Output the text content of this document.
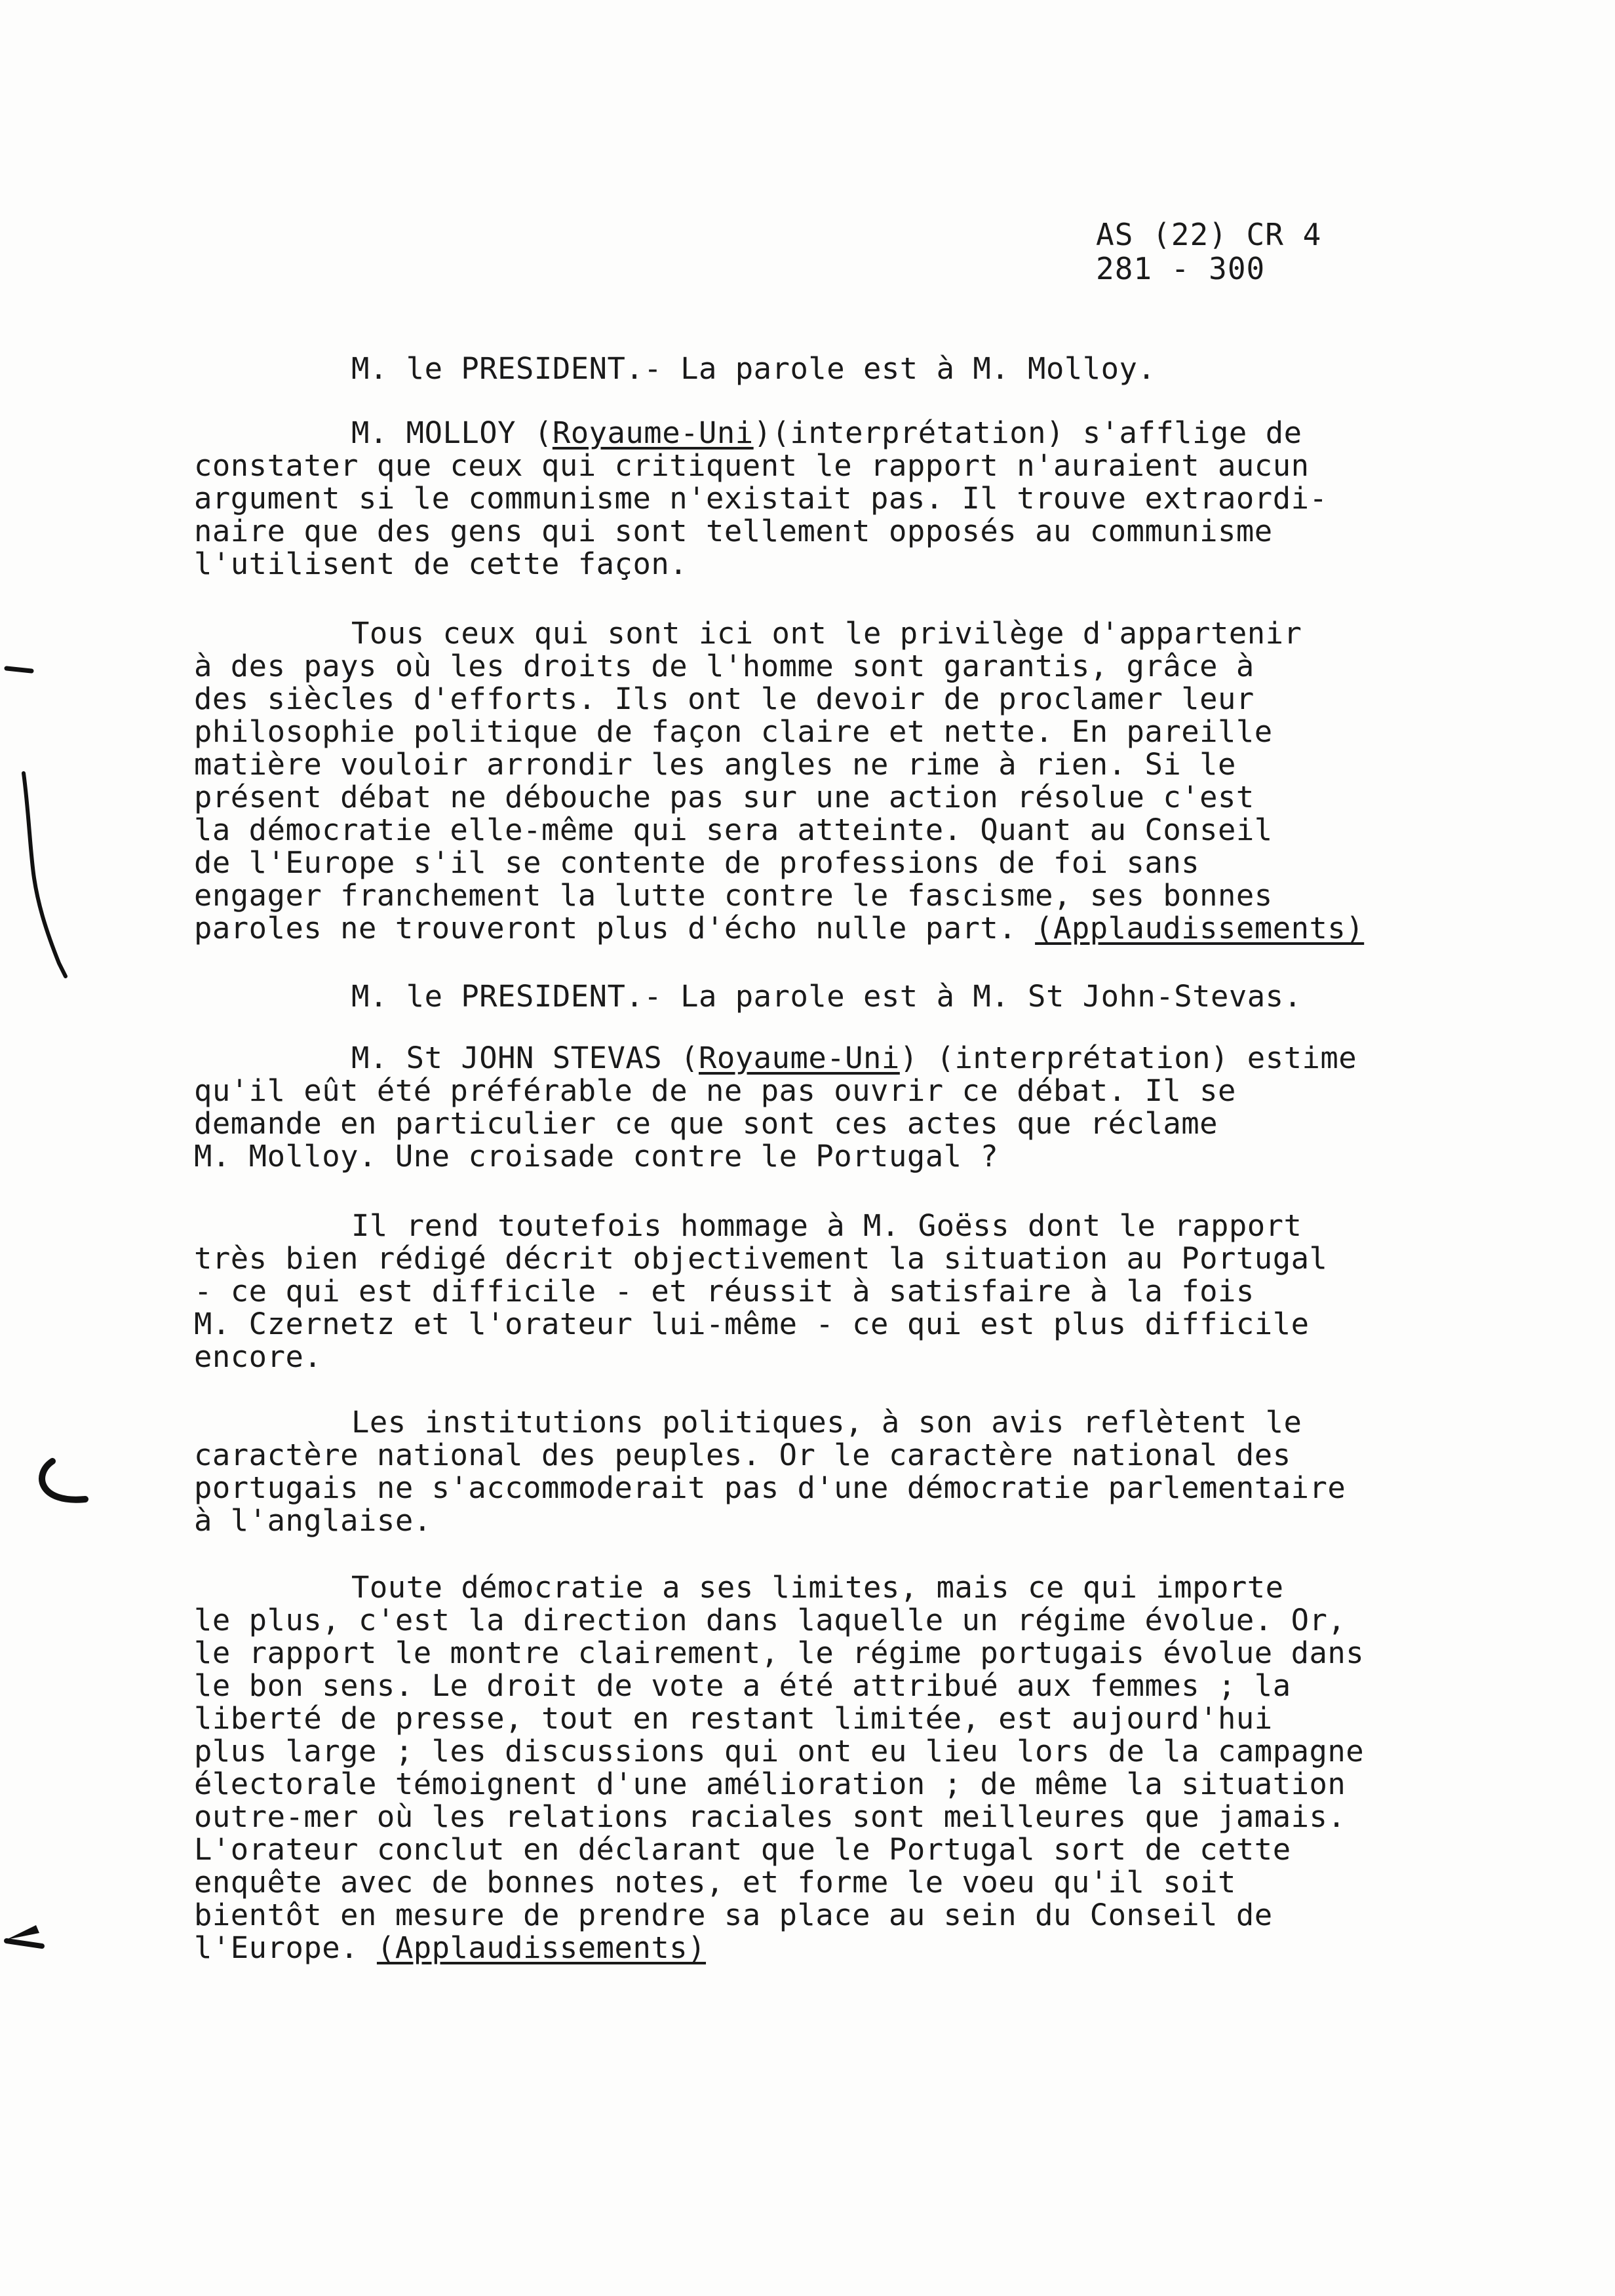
AS (22) CR 4
281 - 300
M. le PRESIDENT.- La parole est à M. Molloy.
M. MOLLOY (Royaume-Uni)(interprétation) s'afflige de
constater que ceux qui critiquent le rapport n'auraient aucun
argument si le communisme n'existait pas. Il trouve extraordi-
naire que des gens qui sont tellement opposés au communisme
l'utilisent de cette façon.
Tous ceux qui sont ici ont le privilège d'appartenir
à des pays où les droits de l'homme sont garantis, grâce à
des siècles d'efforts. Ils ont le devoir de proclamer leur
philosophie politique de façon claire et nette. En pareille
matière vouloir arrondir les angles ne rime à rien. Si le
présent débat ne débouche pas sur une action résolue c'est
la démocratie elle-même qui sera atteinte. Quant au Conseil
de l'Europe s'il se contente de professions de foi sans
engager franchement la lutte contre le fascisme, ses bonnes
paroles ne trouveront plus d'écho nulle part. (Applaudissements)
M. le PRESIDENT.- La parole est à M. St John-Stevas.
M. St JOHN STEVAS (Royaume-Uni) (interprétation) estime
qu'il eût été préférable de ne pas ouvrir ce débat. Il se
demande en particulier ce que sont ces actes que réclame
M. Molloy. Une croisade contre le Portugal ?
Il rend toutefois hommage à M. Goëss dont le rapport
très bien rédigé décrit objectivement la situation au Portugal
- ce qui est difficile - et réussit à satisfaire à la fois
M. Czernetz et l'orateur lui-même - ce qui est plus difficile
encore.
Les institutions politiques, à son avis reflètent le
caractère national des peuples. Or le caractère national des
portugais ne s'accommoderait pas d'une démocratie parlementaire
à l'anglaise.
Toute démocratie a ses limites, mais ce qui importe
le plus, c'est la direction dans laquelle un régime évolue. Or,
le rapport le montre clairement, le régime portugais évolue dans
le bon sens. Le droit de vote a été attribué aux femmes ; la
liberté de presse, tout en restant limitée, est aujourd'hui
plus large ; les discussions qui ont eu lieu lors de la campagne
électorale témoignent d'une amélioration ; de même la situation
outre-mer où les relations raciales sont meilleures que jamais.
L'orateur conclut en déclarant que le Portugal sort de cette
enquête avec de bonnes notes, et forme le voeu qu'il soit
bientôt en mesure de prendre sa place au sein du Conseil de
l'Europe. (Applaudissements)
